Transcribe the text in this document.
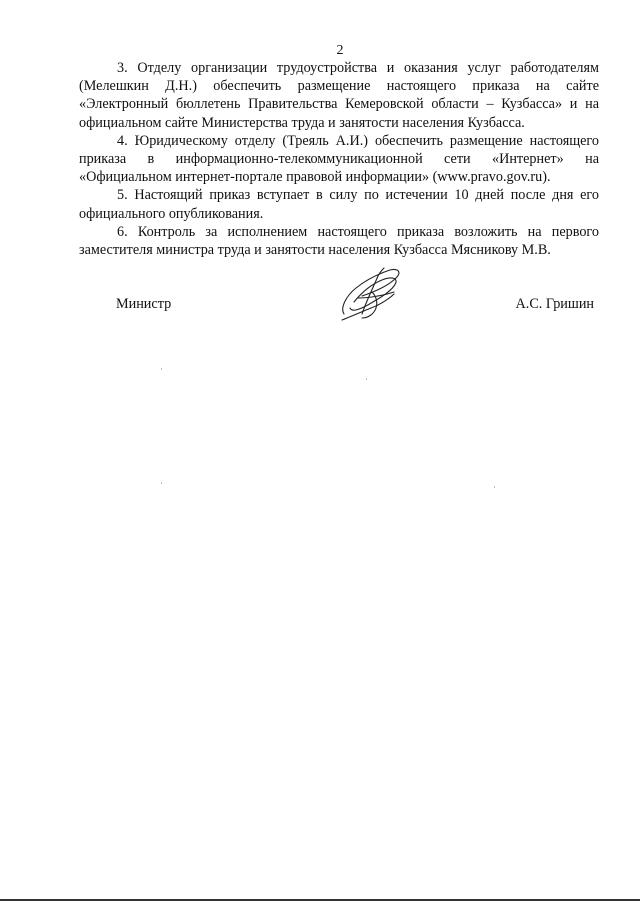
2

3. Отделу организации трудоустройства и оказания услуг работодателям (Мелешкин Д.Н.) обеспечить размещение настоящего приказа на сайте «Электронный бюллетень Правительства Кемеровской области – Кузбасса» и на официальном сайте Министерства труда и занятости населения Кузбасса.

4. Юридическому отделу (Треяль А.И.) обеспечить размещение настоящего приказа в информационно-телекоммуникационной сети «Интернет» на «Официальном интернет-портале правовой информации» (www.pravo.gov.ru).

5. Настоящий приказ вступает в силу по истечении 10 дней после дня его официального опубликования.

6. Контроль за исполнением настоящего приказа возложить на первого заместителя министра труда и занятости населения Кузбасса Мясникову М.В.

Министр	А.С. Гришин
